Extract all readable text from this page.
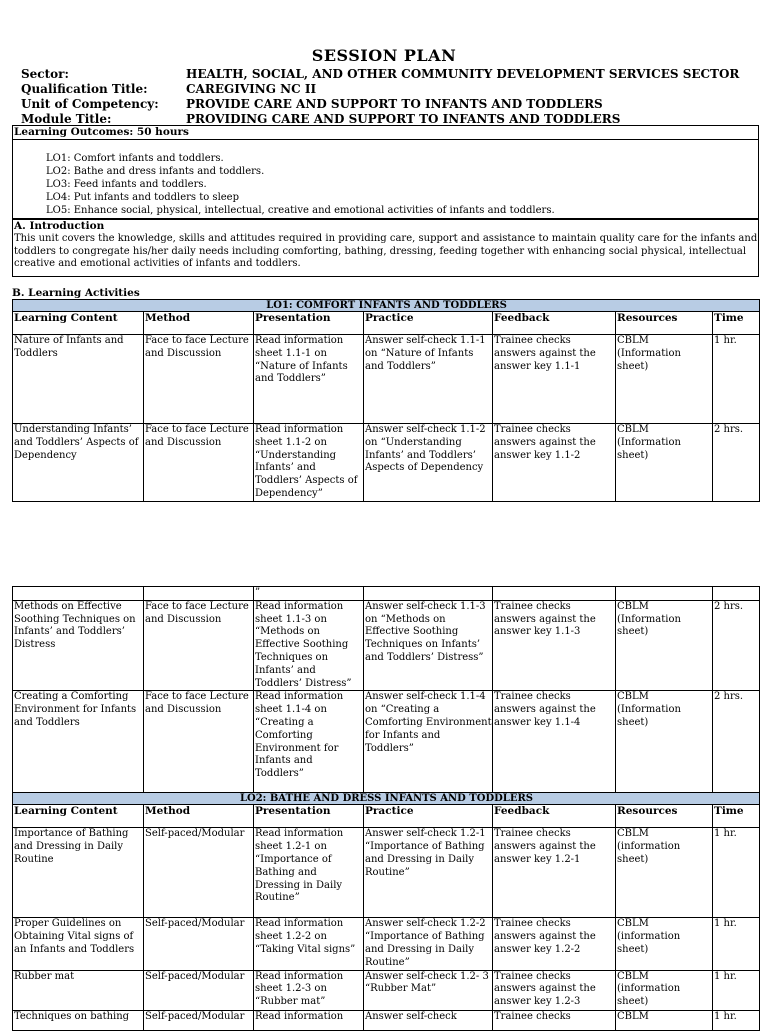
SESSION PLAN
Sector:	HEALTH, SOCIAL, AND OTHER COMMUNITY DEVELOPMENT SERVICES SECTOR
Qualification Title:	CAREGIVING NC II
Unit of Competency:	PROVIDE CARE AND SUPPORT TO INFANTS AND TODDLERS
Module Title:	PROVIDING CARE AND SUPPORT TO INFANTS AND TODDLERS
Learning Outcomes: 50 hours
LO1: Comfort infants and toddlers.
LO2: Bathe and dress infants and toddlers.
LO3: Feed infants and toddlers.
LO4: Put infants and toddlers to sleep
LO5: Enhance social, physical, intellectual, creative and emotional activities of infants and toddlers.
A. Introduction
This unit covers the knowledge, skills and attitudes required in providing care, support and assistance to maintain quality care for the infants and toddlers to congregate his/her daily needs including comforting, bathing, dressing, feeding together with enhancing social physical, intellectual creative and emotional activities of infants and toddlers.
B. Learning Activities
LO1: COMFORT INFANTS AND TODDLERS						
Learning Content	Method	Presentation	Practice	Feedback	Resources	Time
Nature of Infants and Toddlers	Face to face Lecture and Discussion	Read information sheet 1.1-1 on “Nature of Infants and Toddlers”	Answer self-check 1.1-1 on “Nature of Infants and Toddlers”	Trainee checks answers against the answer key 1.1-1	CBLM (Information sheet)	1 hr.
Understanding Infants’ and Toddlers’ Aspects of Dependency	Face to face Lecture and Discussion	Read information sheet 1.1-2 on “Understanding Infants’ and Toddlers’ Aspects of Dependency”	Answer self-check 1.1-2 on “Understanding Infants’ and Toddlers’ Aspects of Dependency	Trainee checks answers against the answer key 1.1-2	CBLM (Information sheet)	2 hrs.
		”				
Methods on Effective Soothing Techniques on Infants’ and Toddlers’ Distress	Face to face Lecture and Discussion	Read information sheet 1.1-3 on “Methods on Effective Soothing Techniques on Infants’ and Toddlers’ Distress”	Answer self-check 1.1-3 on “Methods on Effective Soothing Techniques on Infants’ and Toddlers’ Distress”	Trainee checks answers against the answer key 1.1-3	CBLM (Information sheet)	2 hrs.
Creating a Comforting Environment for Infants and Toddlers	Face to face Lecture and Discussion	Read information sheet 1.1-4 on “Creating a Comforting Environment for Infants and Toddlers”	Answer self-check 1.1-4 on “Creating a Comforting Environment for Infants and Toddlers”	Trainee checks answers against the answer key 1.1-4	CBLM (Information sheet)	2 hrs.
LO2: BATHE AND DRESS INFANTS AND TODDLERS						
Learning Content	Method	Presentation	Practice	Feedback	Resources	Time
Importance of Bathing and Dressing in Daily Routine	Self-paced/Modular	Read information sheet 1.2-1 on “Importance of Bathing and Dressing in Daily Routine”	Answer self-check 1.2-1 “Importance of Bathing and Dressing in Daily Routine”	Trainee checks answers against the answer key 1.2-1	CBLM (information sheet)	1 hr.
Proper Guidelines on Obtaining Vital signs of an Infants and Toddlers	Self-paced/Modular	Read information sheet 1.2-2 on “Taking Vital signs”	Answer self-check 1.2-2 “Importance of Bathing and Dressing in Daily Routine”	Trainee checks answers against the answer key 1.2-2	CBLM (information sheet)	1 hr.
Rubber mat	Self-paced/Modular	Read information sheet 1.2-3 on “Rubber mat”	Answer self-check 1.2- 3 “Rubber Mat”	Trainee checks answers against the answer key 1.2-3	CBLM (information sheet)	1 hr.
Techniques on bathing	Self-paced/Modular	Read information	Answer self-check	Trainee checks	CBLM	1 hr.
